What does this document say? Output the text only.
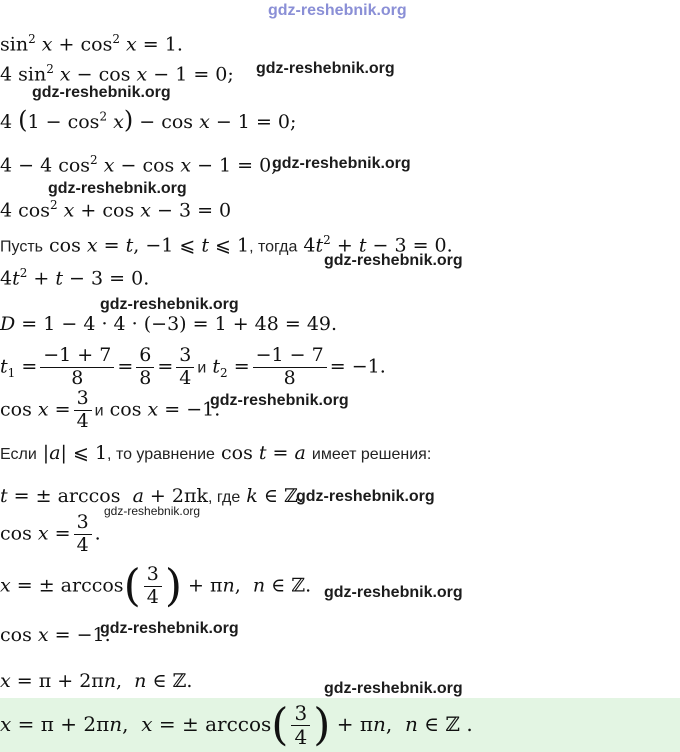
gdz-reshebnik.org
$\sin^2 x + \cos^2 x = 1$.
4 $\sin^2 x - \cos x - 1 = 0$; gdz-reshebnik.org
gdz-reshebnik.org
4 $(1 - \cos^2 x) - \cos x - 1 = 0$;
4 − 4 $\cos^2 x - \cos x - 1 = 0$;
gdz-reshebnik.org
gdz-reshebnik.org
4 $\cos^2 x + \cos x - 3 = 0$
Пусть cos x = t, −1 ⩽ t ⩽ 1, тогда $4t^2 + t - 3 = 0$.
gdz-reshebnik.org
$4t^2 + t - 3 = 0$.
gdz-reshebnik.org
D = 1 − 4 · 4 · (−3) = 1 + 48 = 49.
$t_1 = \frac{-1 + 7}{8} = \frac{6}{8} = \frac{3}{4}$ и $t_2 = \frac{-1 - 7}{8} = -1$.
$\cos x = \frac{3}{4}$ и cos x = −1.
gdz-reshebnik.org
Если |a| ⩽ 1, то уравнение cos t = a имеет решения:
t = ± arccos  a + 2πk, где k ∈ ℤ.
gdz-reshebnik.org
gdz-reshebnik.org
$\cos x = \frac{3}{4}$ .
x = ± $\arccos( \frac{3}{4}$ ) + πn,  n ∈ ℤ. gdz-reshebnik.org
cos x = −1.
gdz-reshebnik.org
x = π + 2πn,  n ∈ ℤ.	gdz-reshebnik.org
x = π + 2πn,  x = ± $\arccos( \frac{3}{4}$ ) + πn,  n ∈ ℤ .
